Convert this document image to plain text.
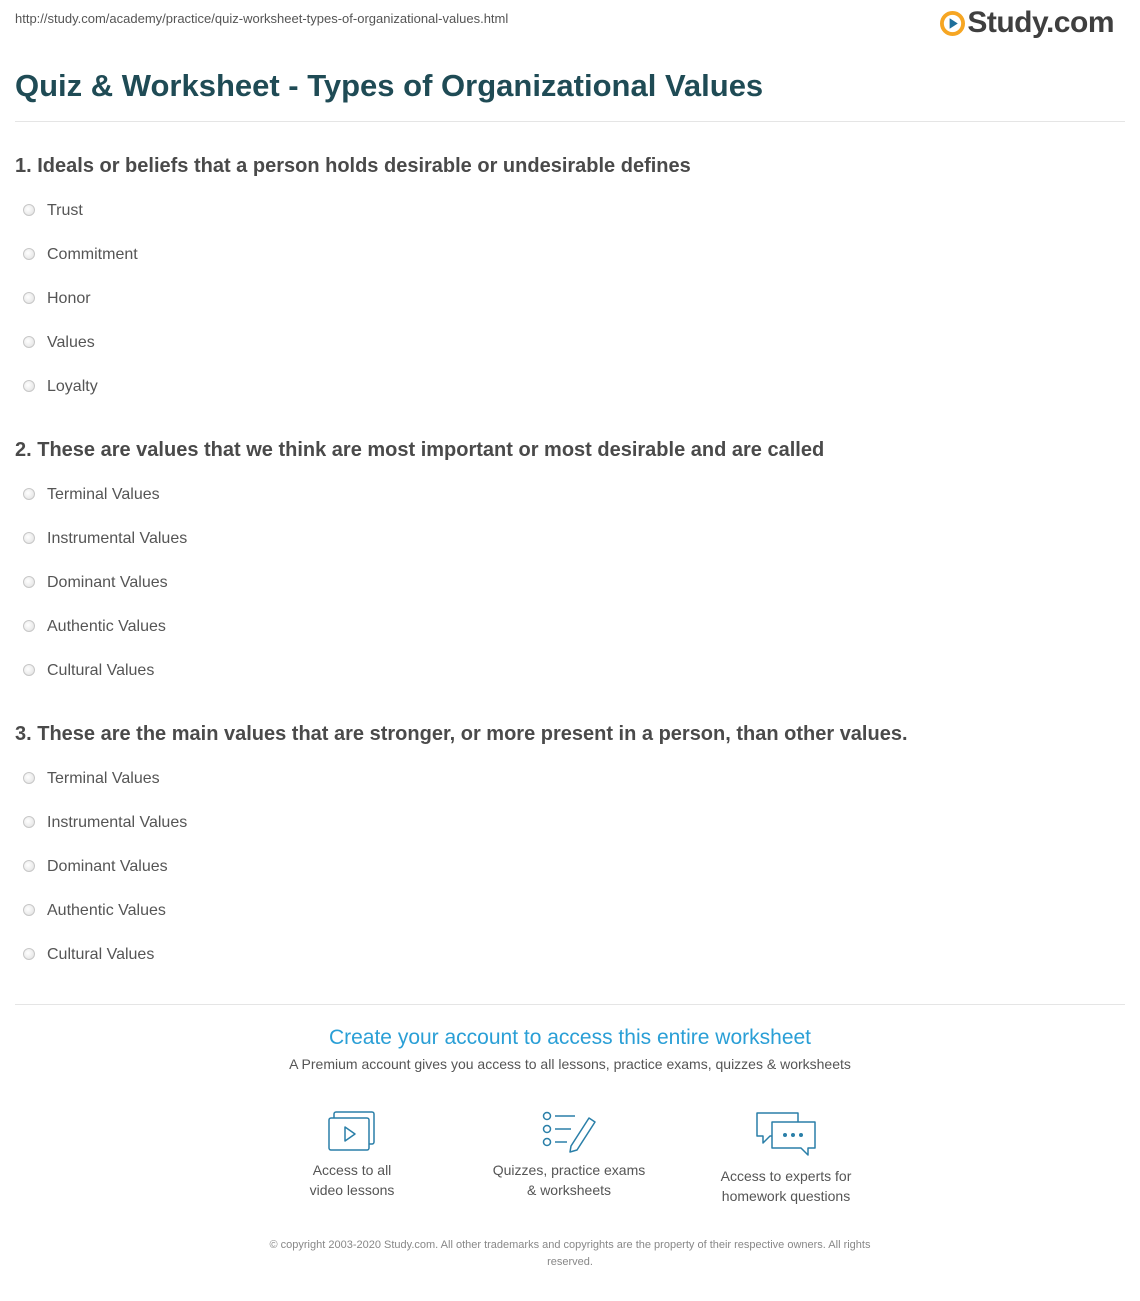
http://study.com/academy/practice/quiz-worksheet-types-of-organizational-values.html	Study.com
Quiz & Worksheet - Types of Organizational Values

1. Ideals or beliefs that a person holds desirable or undesirable defines

Trust
Commitment
Honor
Values
Loyalty

2. These are values that we think are most important or most desirable and are called

Terminal Values
Instrumental Values
Dominant Values
Authentic Values
Cultural Values

3. These are the main values that are stronger, or more present in a person, than other values.

Terminal Values
Instrumental Values
Dominant Values
Authentic Values
Cultural Values
Create your account to access this entire worksheet
A Premium account gives you access to all lessons, practice exams, quizzes & worksheets
Access to all
video lessons
Quizzes, practice exams
& worksheets
Access to experts for
homework questions
© copyright 2003-2020 Study.com. All other trademarks and copyrights are the property of their respective owners. All rights
reserved.
